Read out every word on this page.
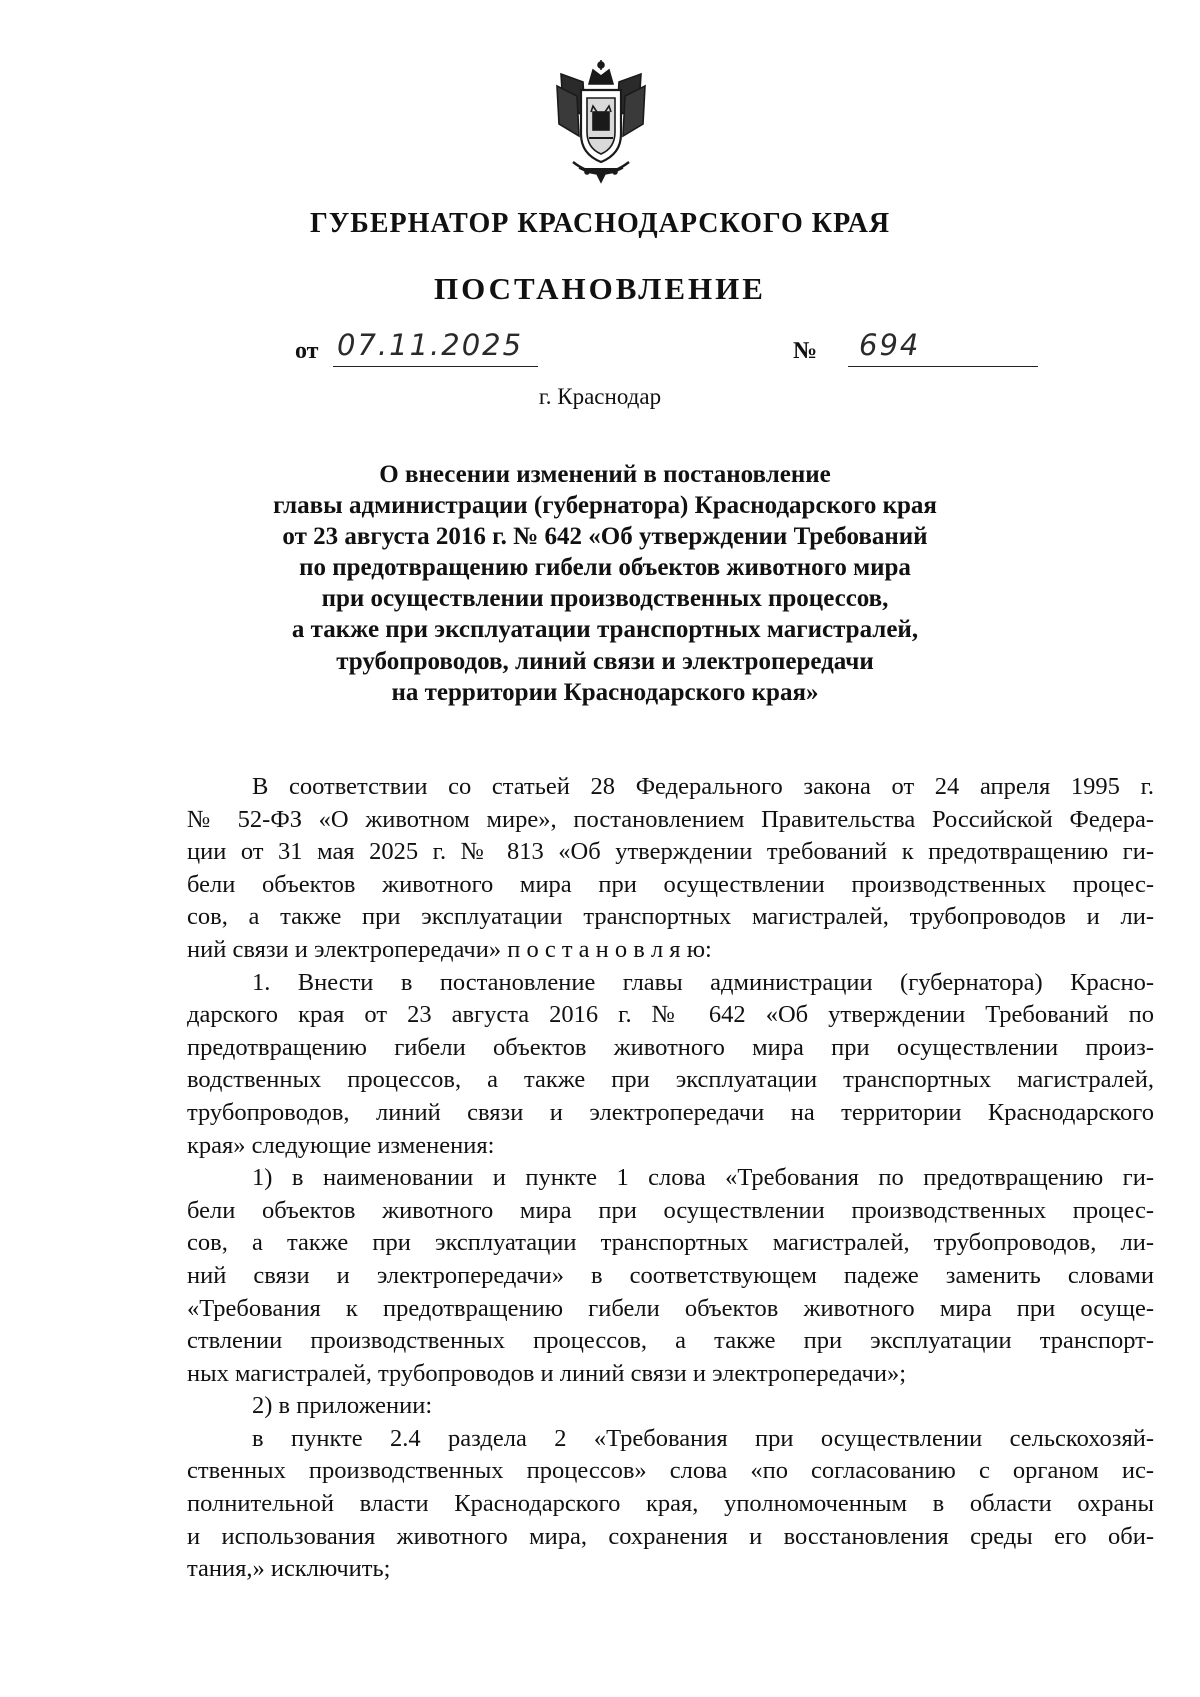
ГУБЕРНАТОР КРАСНОДАРСКОГО КРАЯ
ПОСТАНОВЛЕНИЕ
от 07.11.2025	№ 694
г. Краснодар
О внесении изменений в постановление
главы администрации (губернатора) Краснодарского края
от 23 августа 2016 г. № 642 «Об утверждении Требований
по предотвращению гибели объектов животного мира
при осуществлении производственных процессов,
а также при эксплуатации транспортных магистралей,
трубопроводов, линий связи и электропередачи
на территории Краснодарского края»
В соответствии со статьей 28 Федерального закона от 24 апреля 1995 г.
№ 52-ФЗ «О животном мире», постановлением Правительства Российской Федера-
ции от 31 мая 2025 г. № 813 «Об утверждении требований к предотвращению ги-
бели объектов животного мира при осуществлении производственных процес-
сов, а также при эксплуатации транспортных магистралей, трубопроводов и ли-
ний связи и электропередачи» п о с т а н о в л я ю:
1. Внести в постановление главы администрации (губернатора) Красно-
дарского края от 23 августа 2016 г. № 642 «Об утверждении Требований по
предотвращению гибели объектов животного мира при осуществлении произ-
водственных процессов, а также при эксплуатации транспортных магистралей,
трубопроводов, линий связи и электропередачи на территории Краснодарского
края» следующие изменения:
1) в наименовании и пункте 1 слова «Требования по предотвращению ги-
бели объектов животного мира при осуществлении производственных процес-
сов, а также при эксплуатации транспортных магистралей, трубопроводов, ли-
ний связи и электропередачи» в соответствующем падеже заменить словами
«Требования к предотвращению гибели объектов животного мира при осуще-
ствлении производственных процессов, а также при эксплуатации транспорт-
ных магистралей, трубопроводов и линий связи и электропередачи»;
2) в приложении:
в пункте 2.4 раздела 2 «Требования при осуществлении сельскохозяй-
ственных производственных процессов» слова «по согласованию с органом ис-
полнительной власти Краснодарского края, уполномоченным в области охраны
и использования животного мира, сохранения и восстановления среды его оби-
тания,» исключить;
